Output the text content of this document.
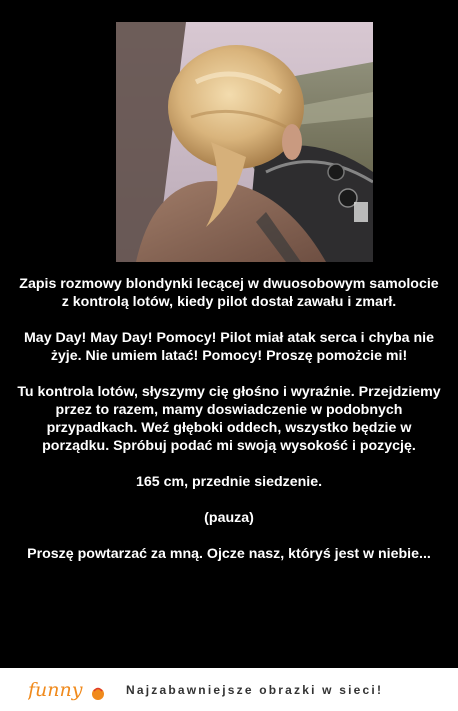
Zapis rozmowy blondynki lecącej w dwuosobowym samolocie z kontrolą lotów, kiedy pilot dostał zawału i zmarł.

May Day! May Day! Pomocy! Pilot miał atak serca i chyba nie żyje. Nie umiem latać! Pomocy! Proszę pomożcie mi!

Tu kontrola lotów, słyszymy cię głośno i wyraźnie. Przejdziemy przez to razem, mamy doswiadczenie w podobnych przypadkach. Weź głęboki oddech, wszystko będzie w porządku. Spróbuj podać mi swoją wysokość i pozycję.

165 cm, przednie siedzenie.

(pauza)

Proszę powtarzać za mną. Ojcze nasz, któryś jest w niebie...

funny	Najzabawniejsze obrazki w sieci!
